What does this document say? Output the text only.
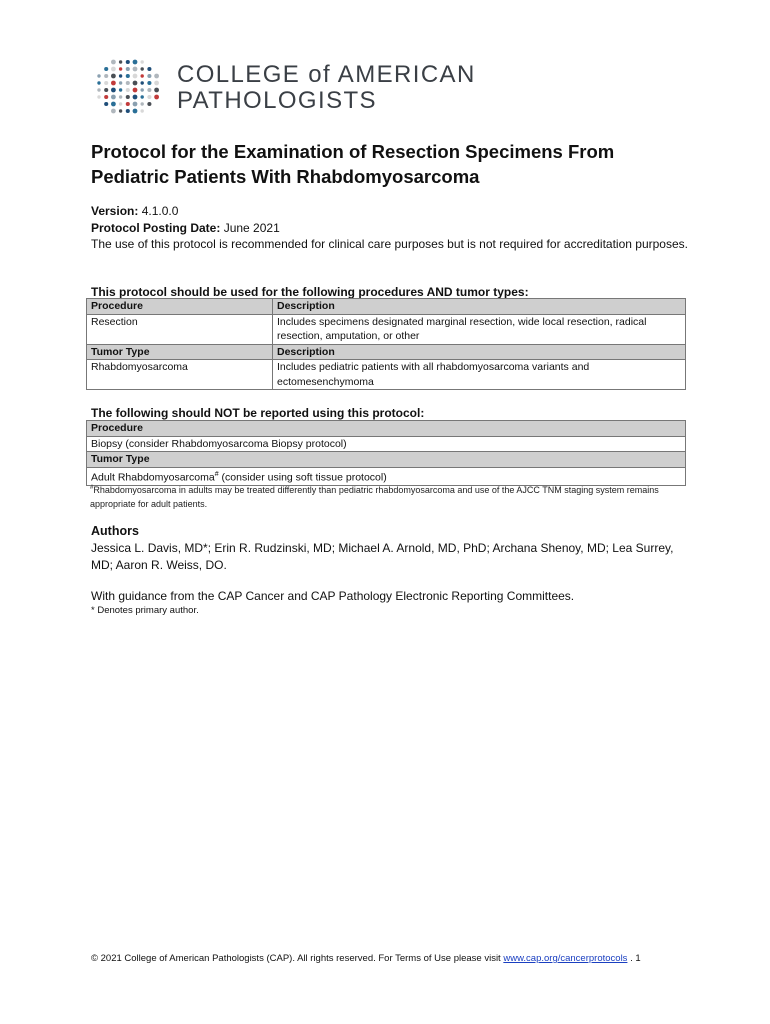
COLLEGE of AMERICAN
PATHOLOGISTS
Protocol for the Examination of Resection Specimens From Pediatric Patients With Rhabdomyosarcoma
Version: 4.1.0.0
Protocol Posting Date: June 2021
The use of this protocol is recommended for clinical care purposes but is not required for accreditation purposes.
This protocol should be used for the following procedures AND tumor types:
Procedure	Description
Resection	Includes specimens designated marginal resection, wide local resection, radical resection, amputation, or other
Tumor Type	Description
Rhabdomyosarcoma	Includes pediatric patients with all rhabdomyosarcoma variants and ectomesenchymoma
The following should NOT be reported using this protocol:
Procedure
Biopsy (consider Rhabdomyosarcoma Biopsy protocol)
Tumor Type
Adult Rhabdomyosarcoma# (consider using soft tissue protocol)
#Rhabdomyosarcoma in adults may be treated differently than pediatric rhabdomyosarcoma and use of the AJCC TNM staging system remains appropriate for adult patients.
Authors
Jessica L. Davis, MD*; Erin R. Rudzinski, MD; Michael A. Arnold, MD, PhD; Archana Shenoy, MD; Lea Surrey, MD; Aaron R. Weiss, DO.
With guidance from the CAP Cancer and CAP Pathology Electronic Reporting Committees.
* Denotes primary author.
© 2021 College of American Pathologists (CAP). All rights reserved. For Terms of Use please visit www.cap.org/cancerprotocols . 1
